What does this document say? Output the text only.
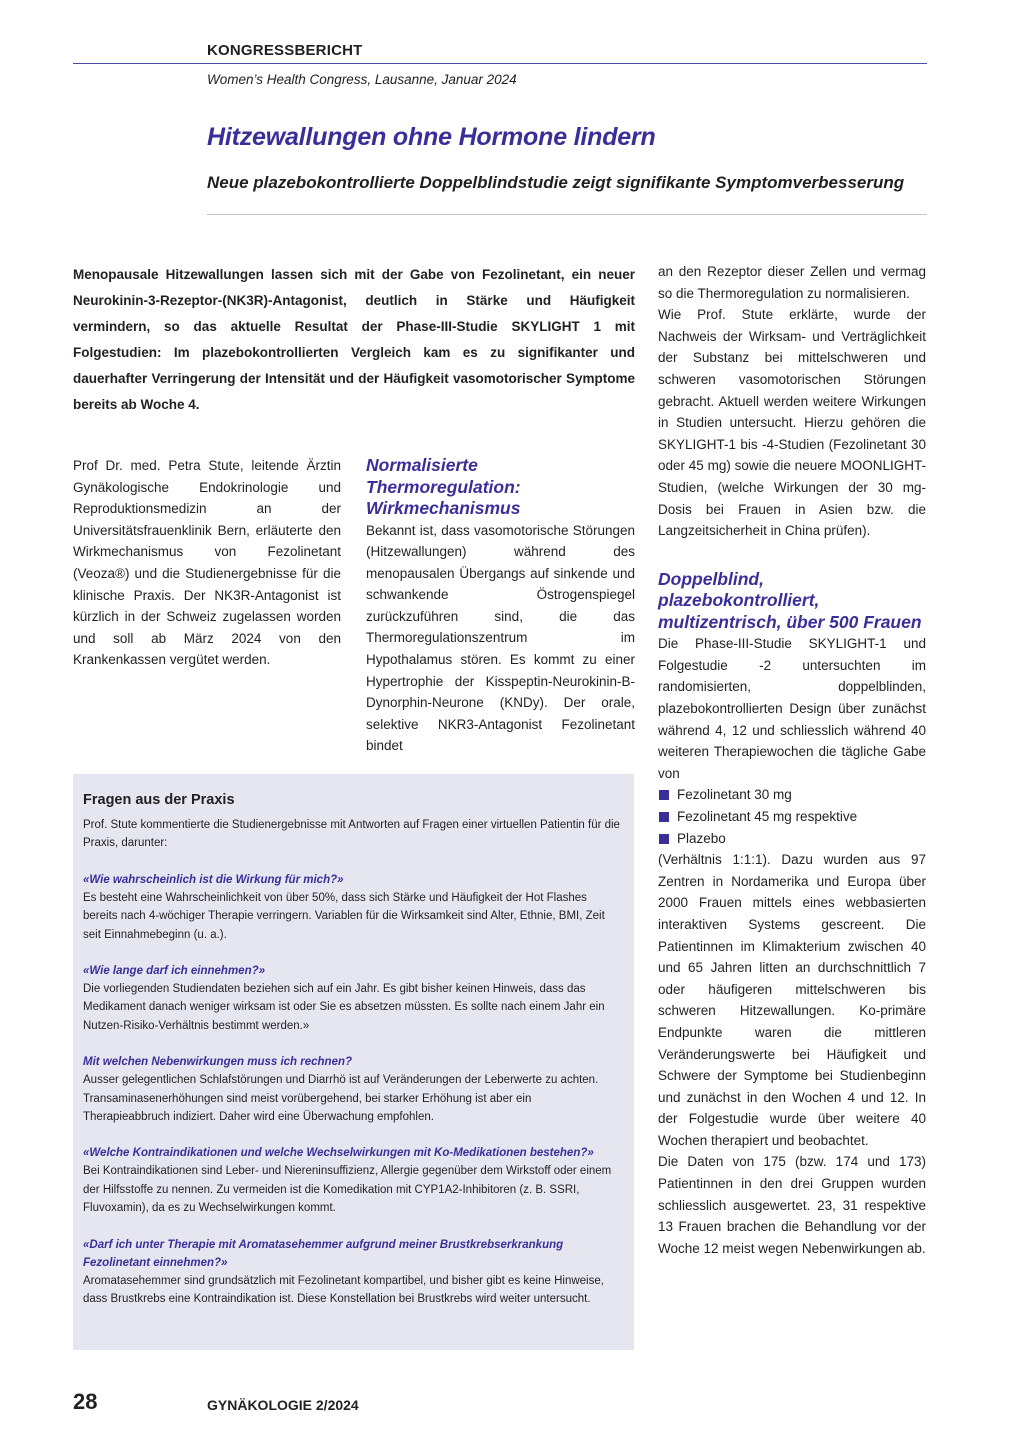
KONGRESSBERICHT
Women’s Health Congress, Lausanne, Januar 2024
Hitzewallungen ohne Hormone lindern
Neue plazebokontrollierte Doppelblindstudie zeigt signifikante Symptomverbesserung

Menopausale Hitzewallungen lassen sich mit der Gabe von Fezolinetant, ein neuer Neurokinin-3-Rezeptor-(NK3R)-Antagonist, deutlich in Stärke und Häufigkeit vermindern, so das aktuelle Resultat der Phase-III-Studie SKYLIGHT 1 mit Folgestudien: Im plazebokontrollierten Vergleich kam es zu signifikanter und dauerhafter Verringerung der Intensität und der Häufigkeit vasomotorischer Symptome bereits ab Woche 4.

Prof Dr. med. Petra Stute, leitende Ärztin Gynäkologische Endokrinologie und Reproduktionsmedizin an der Universitätsfrauenklinik Bern, erläuterte den Wirkmechanismus von Fezolinetant (Veoza®) und die Studienergebnisse für die klinische Praxis. Der NK3R-Antagonist ist kürzlich in der Schweiz zugelassen worden und soll ab März 2024 von den Krankenkassen vergütet werden.

Normalisierte Thermoregulation: Wirkmechanismus

Bekannt ist, dass vasomotorische Störungen (Hitzewallungen) während des menopausalen Übergangs auf sinkende und schwankende Östrogenspiegel zurückzuführen sind, die das Thermoregulationszentrum im Hypothalamus stören. Es kommt zu einer Hypertrophie der Kisspeptin-Neurokinin-B-Dynorphin-Neurone (KNDy). Der orale, selektive NKR3-Antagonist Fezolinetant bindet

an den Rezeptor dieser Zellen und vermag so die Thermoregulation zu normalisieren.

Wie Prof. Stute erklärte, wurde der Nachweis der Wirksam- und Verträglichkeit der Substanz bei mittelschweren und schweren vasomotorischen Störungen gebracht. Aktuell werden weitere Wirkungen in Studien untersucht. Hierzu gehören die SKYLIGHT-1 bis -4-Studien (Fezolinetant 30 oder 45 mg) sowie die neuere MOONLIGHT-Studien, (welche Wirkungen der 30 mg-Dosis bei Frauen in Asien bzw. die Langzeitsicherheit in China prüfen).

Doppelblind, plazebokontrolliert, multizentrisch, über 500 Frauen

Die Phase-III-Studie SKYLIGHT-1 und Folgestudie -2 untersuchten im randomisierten, doppelblinden, plazebokontrollierten Design über zunächst während 4, 12 und schliesslich während 40 weiteren Therapiewochen die tägliche Gabe von

Fezolinetant 30 mg
Fezolinetant 45 mg respektive
Plazebo

(Verhältnis 1:1:1). Dazu wurden aus 97 Zentren in Nordamerika und Europa über 2000 Frauen mittels eines webbasierten interaktiven Systems gescreent. Die Patientinnen im Klimakterium zwischen 40 und 65 Jahren litten an durchschnittlich 7 oder häufigeren mittelschweren bis schweren Hitzewallungen. Ko-primäre Endpunkte waren die mittleren Veränderungswerte bei Häufigkeit und Schwere der Symptome bei Studienbeginn und zunächst in den Wochen 4 und 12. In der Folgestudie wurde über weitere 40 Wochen therapiert und beobachtet.

Die Daten von 175 (bzw. 174 und 173) Patientinnen in den drei Gruppen wurden schliesslich ausgewertet. 23, 31 respektive 13 Frauen brachen die Behandlung vor der Woche 12 meist wegen Nebenwirkungen ab.

Fragen aus der Praxis

Prof. Stute kommentierte die Studienergebnisse mit Antworten auf Fragen einer virtuellen Patientin für die Praxis, darunter:

«Wie wahrscheinlich ist die Wirkung für mich?»
Es besteht eine Wahrscheinlichkeit von über 50%, dass sich Stärke und Häufigkeit der Hot Flashes bereits nach 4-wöchiger Therapie verringern. Variablen für die Wirksamkeit sind Alter, Ethnie, BMI, Zeit seit Einnahmebeginn (u. a.).
«Wie lange darf ich einnehmen?»
Die vorliegenden Studiendaten beziehen sich auf ein Jahr. Es gibt bisher keinen Hinweis, dass das Medikament danach weniger wirksam ist oder Sie es absetzen müssten. Es sollte nach einem Jahr ein Nutzen-Risiko-Verhältnis bestimmt werden.»
Mit welchen Nebenwirkungen muss ich rechnen?
Ausser gelegentlichen Schlafstörungen und Diarrhö ist auf Veränderungen der Leberwerte zu achten. Transaminasenerhöhungen sind meist vorübergehend, bei starker Erhöhung ist aber ein Therapieabbruch indiziert. Daher wird eine Überwachung empfohlen.
«Welche Kontraindikationen und welche Wechselwirkungen mit Ko-Medikationen bestehen?»
Bei Kontraindikationen sind Leber- und Niereninsuffizienz, Allergie gegenüber dem Wirkstoff oder einem der Hilfsstoffe zu nennen. Zu vermeiden ist die Komedikation mit CYP1A2-Inhibitoren (z. B. SSRI, Fluvoxamin), da es zu Wechselwirkungen kommt.
«Darf ich unter Therapie mit Aromatasehemmer aufgrund meiner Brustkrebserkrankung Fezolinetant einnehmen?»
Aromatasehemmer sind grundsätzlich mit Fezolinetant kompartibel, und bisher gibt es keine Hinweise, dass Brustkrebs eine Kontraindikation ist. Diese Konstellation bei Brustkrebs wird weiter untersucht.
28	GYNÄKOLOGIE 2/2024
